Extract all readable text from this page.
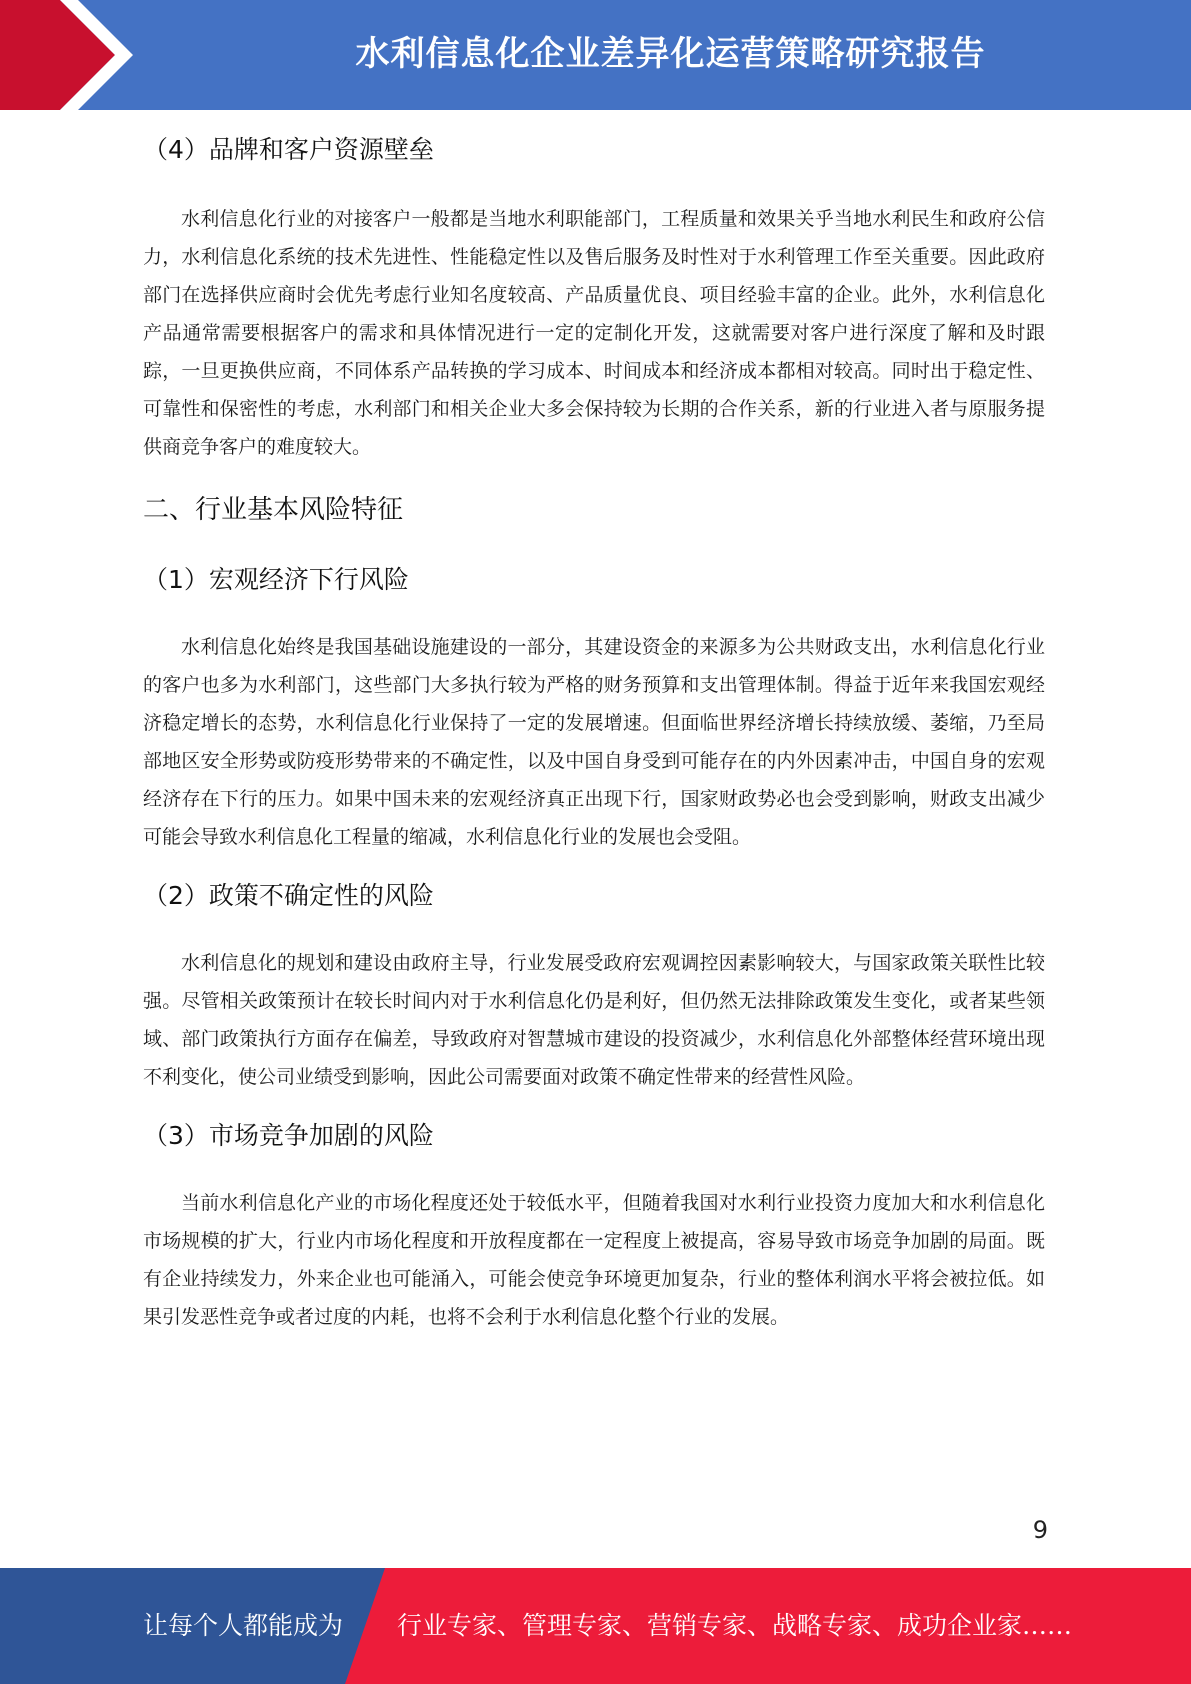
水利信息化企业差异化运营策略研究报告
（4）品牌和客户资源壁垒

水利信息化行业的对接客户一般都是当地水利职能部门，工程质量和效果关乎当地水利民生和政府公信力，水利信息化系统的技术先进性、性能稳定性以及售后服务及时性对于水利管理工作至关重要。因此政府部门在选择供应商时会优先考虑行业知名度较高、产品质量优良、项目经验丰富的企业。此外，水利信息化产品通常需要根据客户的需求和具体情况进行一定的定制化开发，这就需要对客户进行深度了解和及时跟踪，一旦更换供应商，不同体系产品转换的学习成本、时间成本和经济成本都相对较高。同时出于稳定性、可靠性和保密性的考虑，水利部门和相关企业大多会保持较为长期的合作关系，新的行业进入者与原服务提供商竞争客户的难度较大。

二、行业基本风险特征
（1）宏观经济下行风险

水利信息化始终是我国基础设施建设的一部分，其建设资金的来源多为公共财政支出，水利信息化行业的客户也多为水利部门，这些部门大多执行较为严格的财务预算和支出管理体制。得益于近年来我国宏观经济稳定增长的态势，水利信息化行业保持了一定的发展增速。但面临世界经济增长持续放缓、萎缩，乃至局部地区安全形势或防疫形势带来的不确定性，以及中国自身受到可能存在的内外因素冲击，中国自身的宏观经济存在下行的压力。如果中国未来的宏观经济真正出现下行，国家财政势必也会受到影响，财政支出减少可能会导致水利信息化工程量的缩减，水利信息化行业的发展也会受阻。

（2）政策不确定性的风险

水利信息化的规划和建设由政府主导，行业发展受政府宏观调控因素影响较大，与国家政策关联性比较强。尽管相关政策预计在较长时间内对于水利信息化仍是利好，但仍然无法排除政策发生变化，或者某些领域、部门政策执行方面存在偏差，导致政府对智慧城市建设的投资减少，水利信息化外部整体经营环境出现不利变化，使公司业绩受到影响，因此公司需要面对政策不确定性带来的经营性风险。

（3）市场竞争加剧的风险

当前水利信息化产业的市场化程度还处于较低水平，但随着我国对水利行业投资力度加大和水利信息化市场规模的扩大，行业内市场化程度和开放程度都在一定程度上被提高，容易导致市场竞争加剧的局面。既有企业持续发力，外来企业也可能涌入，可能会使竞争环境更加复杂，行业的整体利润水平将会被拉低。如果引发恶性竞争或者过度的内耗，也将不会利于水利信息化整个行业的发展。

9
让每个人都能成为 行业专家、管理专家、营销专家、战略专家、成功企业家……
